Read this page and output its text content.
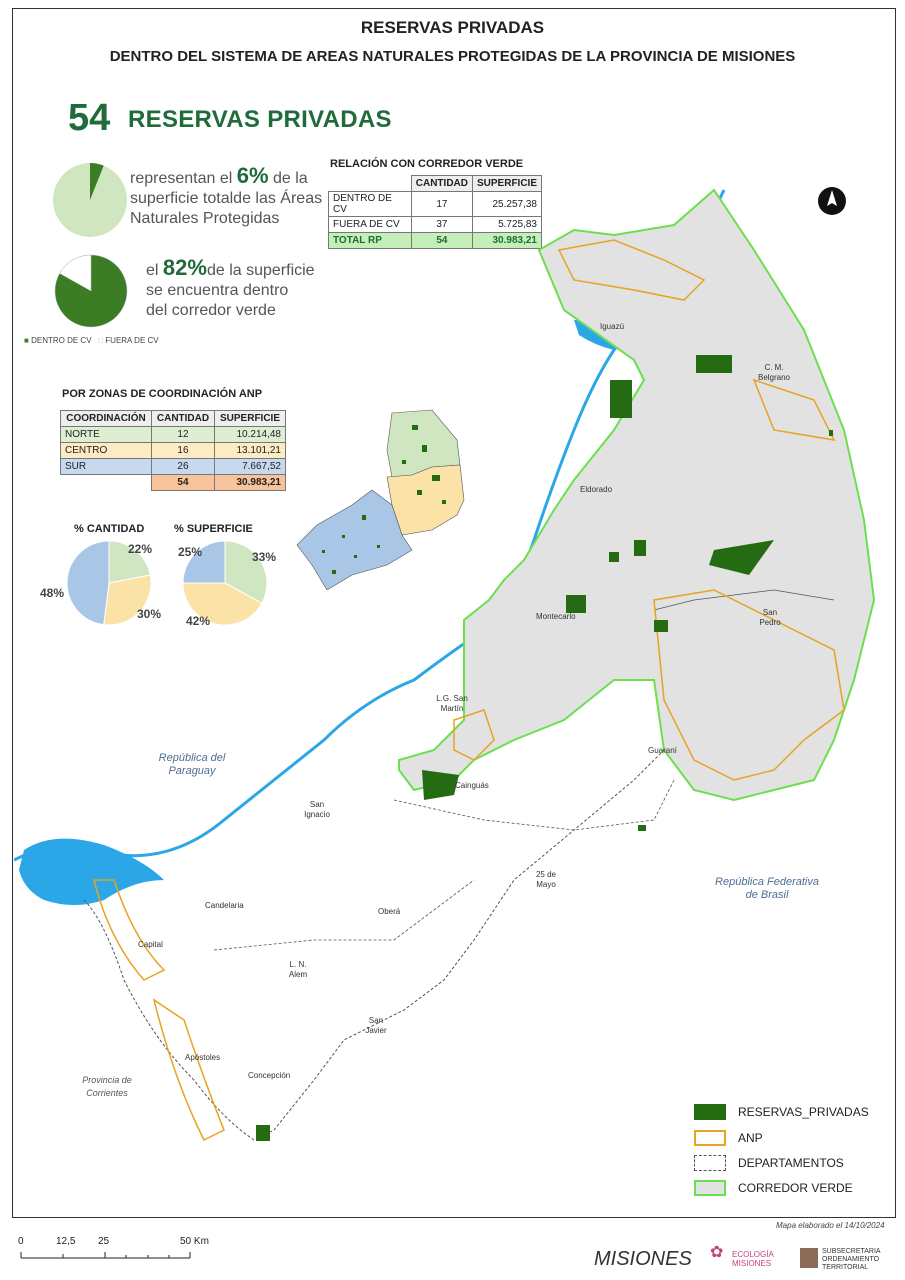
RESERVAS PRIVADAS
DENTRO DEL SISTEMA DE AREAS NATURALES PROTEGIDAS DE LA PROVINCIA DE MISIONES
54 RESERVAS PRIVADAS
representan el 6% de la
superficie totalde las Áreas
Naturales Protegidas
el 82%de la superficie
se encuentra dentro
del corredor verde
■ DENTRO DE CV □ FUERA DE CV
RELACIÓN CON CORREDOR VERDE
	CANTIDAD	SUPERFICIE
DENTRO DE CV	17	25.257,38
FUERA DE CV	37	5.725,83
TOTAL RP	54	30.983,21
POR ZONAS DE COORDINACIÓN ANP
COORDINACIÓN	CANTIDAD	SUPERFICIE
NORTE	12	10.214,48
CENTRO	16	13.101,21
SUR	26	7.667,52
	54	30.983,21
% CANTIDAD	% SUPERFICIE
22%
30%
48%
33%
42%
25%
Iguazú
C. M. Belgrano
Eldorado
Montecarlo	San Pedro
L.G. San Martín
Guaraní
Cainguás
San Ignacio
25 de Mayo
Oberá
Candelaria
Capital
L. N. Alem
San Javier
Apóstoles
Concepción
República del Paraguay
República Federativa de Brasil
Provincia de Corrientes
RESERVAS_PRIVADAS
ANP
DEPARTAMENTOS
CORREDOR VERDE
Mapa elaborado el 14/10/2024
0	12,5 25	50 Km
MISIONES ✿ ECOLOGÍA MISIONES
SUBSECRETARIA ORDENAMIENTO TERRITORIAL
